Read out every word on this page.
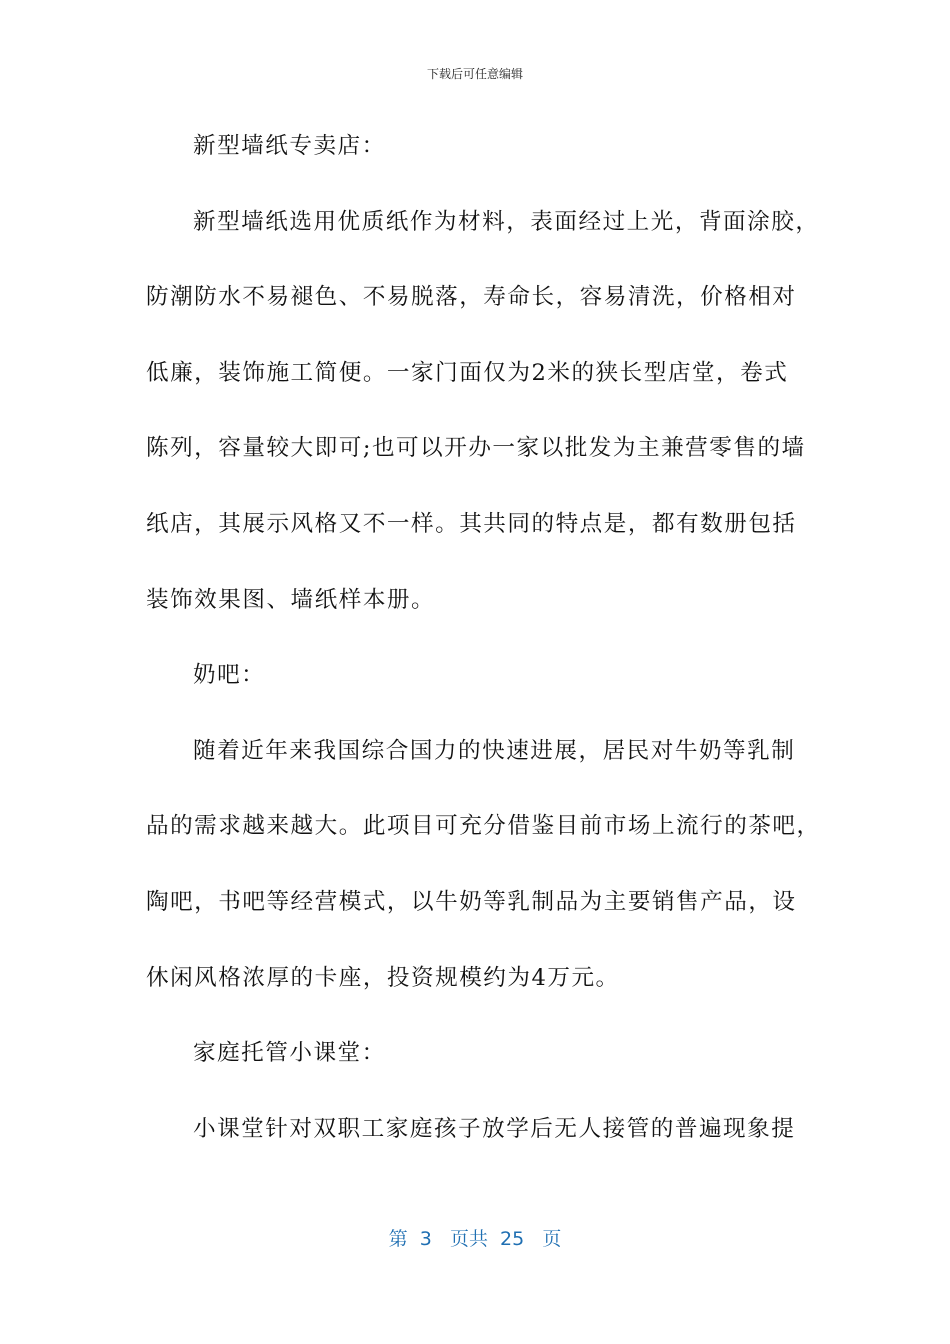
下载后可任意编辑
新型墙纸专卖店：
新型墙纸选用优质纸作为材料，表面经过上光，背面涂胶，
防潮防水不易褪色、不易脱落，寿命长，容易清洗，价格相对
低廉，装饰施工简便。一家门面仅为2米的狭长型店堂，卷式
陈列，容量较大即可;也可以开办一家以批发为主兼营零售的墙
纸店，其展示风格又不一样。其共同的特点是，都有数册包括
装饰效果图、墙纸样本册。
奶吧：
随着近年来我国综合国力的快速进展，居民对牛奶等乳制
品的需求越来越大。此项目可充分借鉴目前市场上流行的茶吧，
陶吧，书吧等经营模式，以牛奶等乳制品为主要销售产品，设
休闲风格浓厚的卡座，投资规模约为4万元。
家庭托管小课堂：
小课堂针对双职工家庭孩子放学后无人接管的普遍现象提
第  3   页共  25   页
